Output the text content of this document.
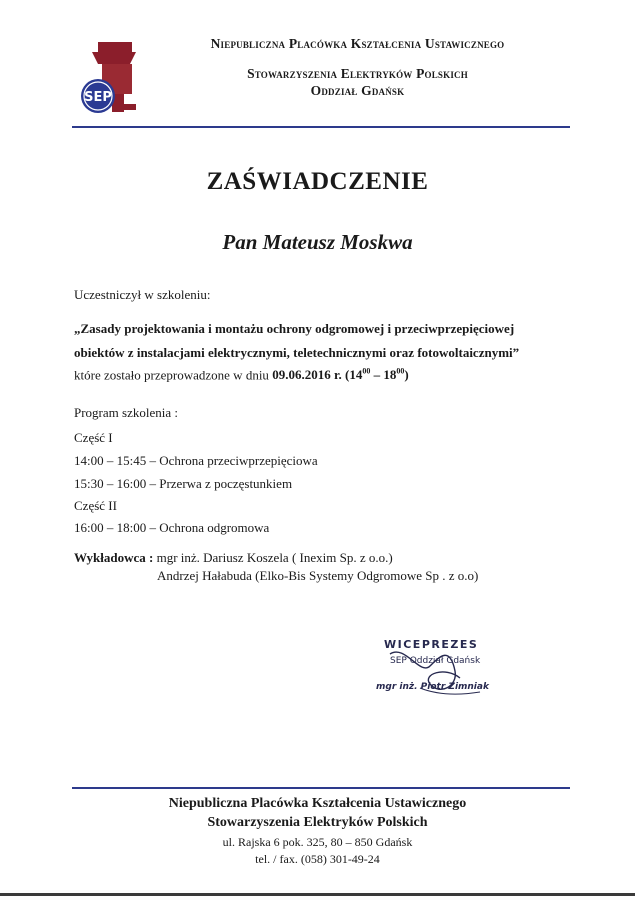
SEP
Niepubliczna Placówka Kształcenia Ustawicznego
Stowarzyszenia Elektryków Polskich
Oddział Gdańsk
ZAŚWIADCZENIE
Pan Mateusz Moskwa
Uczestniczył w szkoleniu:
„Zasady projektowania i montażu ochrony odgromowej i przeciwprzepięciowej
obiektów z instalacjami elektrycznymi, teletechnicznymi oraz fotowoltaicznymi”
które zostało przeprowadzone w dniu 09.06.2016 r. $(14^{00} - 18^{00})$
Program szkolenia :
Część I
14:00 – 15:45 – Ochrona przeciwprzepięciowa
15:30 – 16:00 – Przerwa z poczęstunkiem
Część II
16:00 – 18:00 – Ochrona odgromowa
Wykładowca : mgr inż. Dariusz Koszela ( Inexim Sp. z o.o.)
Andrzej Hałabuda (Elko-Bis Systemy Odgromowe Sp . z o.o)
WICEPREZES
SEP Oddział Gdańsk
mgr inż. Piotr Zimniak
Niepubliczna Placówka Kształcenia Ustawicznego
Stowarzyszenia Elektryków Polskich
ul. Rajska 6 pok. 325, 80 – 850 Gdańsk
tel. / fax. (058) 301-49-24
